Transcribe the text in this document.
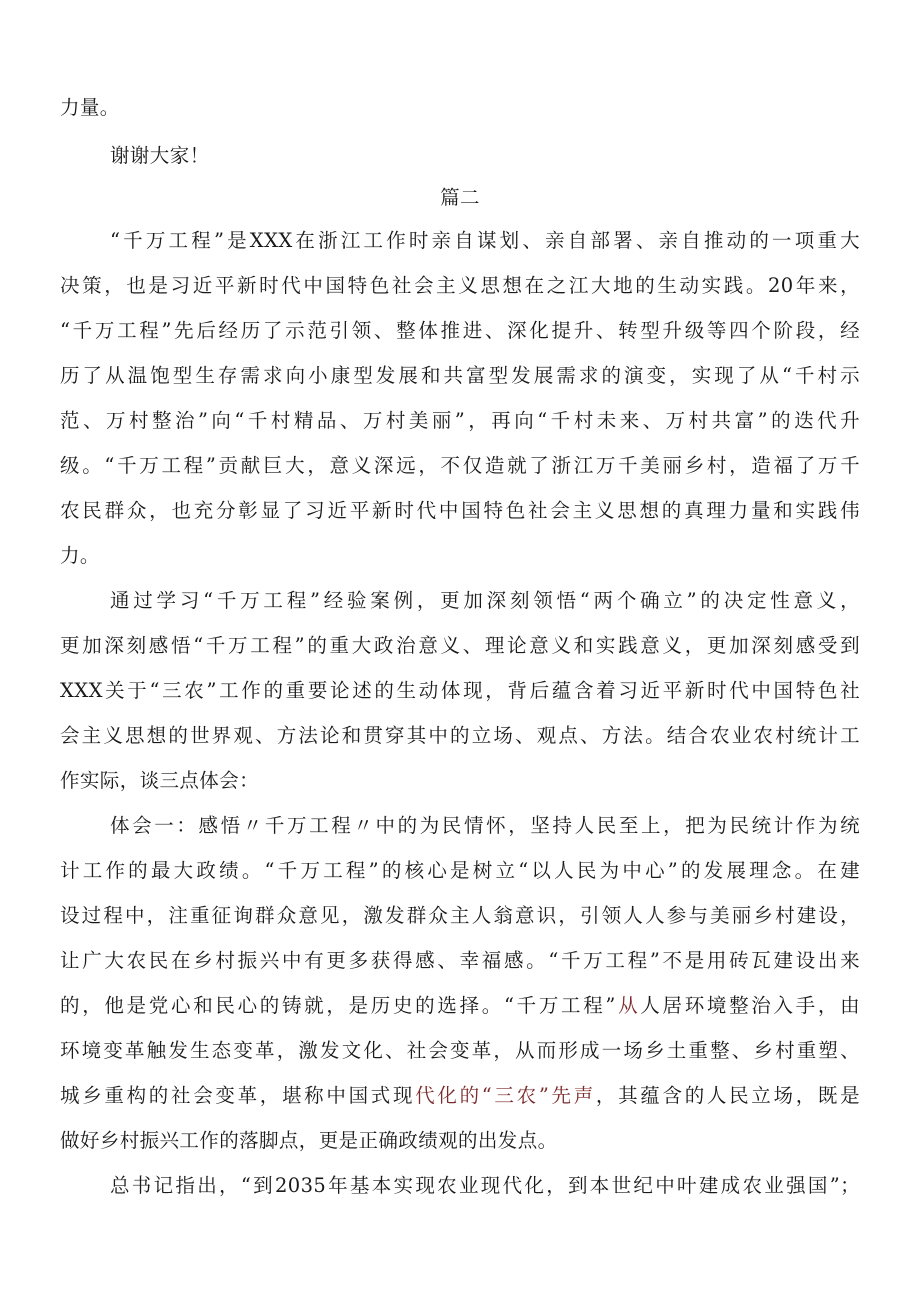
力量。
谢谢大家！
篇二
“千万工程”是XXX在浙江工作时亲自谋划、亲自部署、亲自推动的一项重大
决策，也是习近平新时代中国特色社会主义思想在之江大地的生动实践。20年来，
“千万工程”先后经历了示范引领、整体推进、深化提升、转型升级等四个阶段，经
历了从温饱型生存需求向小康型发展和共富型发展需求的演变，实现了从“千村示
范、万村整治”向“千村精品、万村美丽”，再向“千村未来、万村共富”的迭代升
级。“千万工程”贡献巨大，意义深远，不仅造就了浙江万千美丽乡村，造福了万千
农民群众，也充分彰显了习近平新时代中国特色社会主义思想的真理力量和实践伟
力。
通过学习“千万工程”经验案例，更加深刻领悟“两个确立”的决定性意义，
更加深刻感悟“千万工程”的重大政治意义、理论意义和实践意义，更加深刻感受到
XXX关于“三农”工作的重要论述的生动体现，背后蕴含着习近平新时代中国特色社
会主义思想的世界观、方法论和贯穿其中的立场、观点、方法。结合农业农村统计工
作实际，谈三点体会：
体会一：感悟〃千万工程〃中的为民情怀，坚持人民至上，把为民统计作为统
计工作的最大政绩。“千万工程”的核心是树立“以人民为中心”的发展理念。在建
设过程中，注重征询群众意见，激发群众主人翁意识，引领人人参与美丽乡村建设，
让广大农民在乡村振兴中有更多获得感、幸福感。“千万工程”不是用砖瓦建设出来
的，他是党心和民心的铸就，是历史的选择。“千万工程”从人居环境整治入手，由
环境变革触发生态变革，激发文化、社会变革，从而形成一场乡土重整、乡村重塑、
城乡重构的社会变革，堪称中国式现代化的“三农”先声，其蕴含的人民立场，既是
做好乡村振兴工作的落脚点，更是正确政绩观的出发点。
总书记指出，“到2035年基本实现农业现代化，到本世纪中叶建成农业强国”；
